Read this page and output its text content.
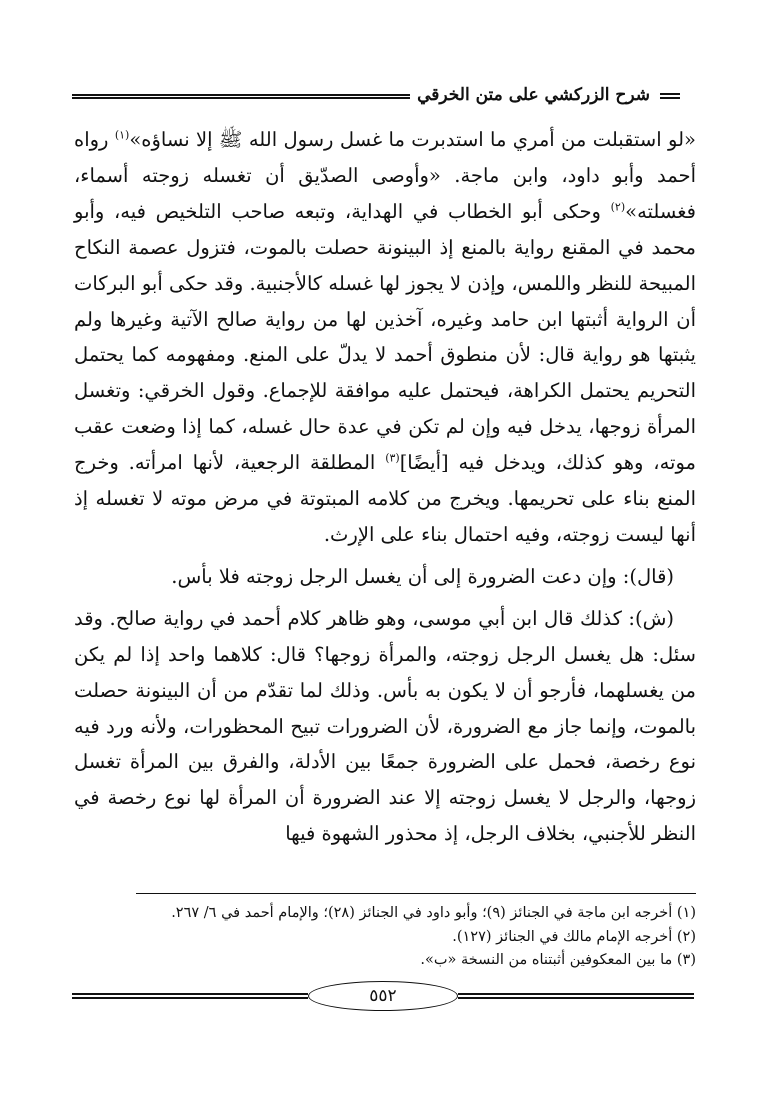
شرح الزركشي على متن الخرقي

«لو استقبلت من أمري ما استدبرت ما غسل رسول الله ﷺ إلا نساؤه»$^{(١)}$ رواه أحمد وأبو داود، وابن ماجة. «وأوصى الصدّيق أن تغسله زوجته أسماء، فغسلته»$^{(٢)}$ وحكى أبو الخطاب في الهداية، وتبعه صاحب التلخيص فيه، وأبو محمد في المقنع رواية بالمنع إذ البينونة حصلت بالموت، فتزول عصمة النكاح المبيحة للنظر واللمس، وإذن لا يجوز لها غسله كالأجنبية. وقد حكى أبو البركات أن الرواية أثبتها ابن حامد وغيره، آخذين لها من رواية صالح الآتية وغيرها ولم يثبتها هو رواية قال: لأن منطوق أحمد لا يدلّ على المنع. ومفهومه كما يحتمل التحريم يحتمل الكراهة، فيحتمل عليه موافقة للإجماع. وقول الخرقي: وتغسل المرأة زوجها، يدخل فيه وإن لم تكن في عدة حال غسله، كما إذا وضعت عقب موته، وهو كذلك، ويدخل فيه [أيضًا]$^{(٣)}$ المطلقة الرجعية، لأنها امرأته. وخرج المنع بناء على تحريمها. ويخرج من كلامه المبتوتة في مرض موته لا تغسله إذ أنها ليست زوجته، وفيه احتمال بناء على الإرث.

(قال): وإن دعت الضرورة إلى أن يغسل الرجل زوجته فلا بأس.

(ش): كذلك قال ابن أبي موسى، وهو ظاهر كلام أحمد في رواية صالح. وقد سئل: هل يغسل الرجل زوجته، والمرأة زوجها؟ قال: كلاهما واحد إذا لم يكن من يغسلهما، فأرجو أن لا يكون به بأس. وذلك لما تقدّم من أن البينونة حصلت بالموت، وإنما جاز مع الضرورة، لأن الضرورات تبيح المحظورات، ولأنه ورد فيه نوع رخصة، فحمل على الضرورة جمعًا بين الأدلة، والفرق بين المرأة تغسل زوجها، والرجل لا يغسل زوجته إلا عند الضرورة أن المرأة لها نوع رخصة في النظر للأجنبي، بخلاف الرجل، إذ محذور الشهوة فيها

(١) أخرجه ابن ماجة في الجنائز (٩)؛ وأبو داود في الجنائز (٢٨)؛ والإمام أحمد في ٦/ ٢٦٧.

(٢) أخرجه الإمام مالك في الجنائز (١٢٧).

(٣) ما بين المعكوفين أثبتناه من النسخة «ب».

٥٥٢
